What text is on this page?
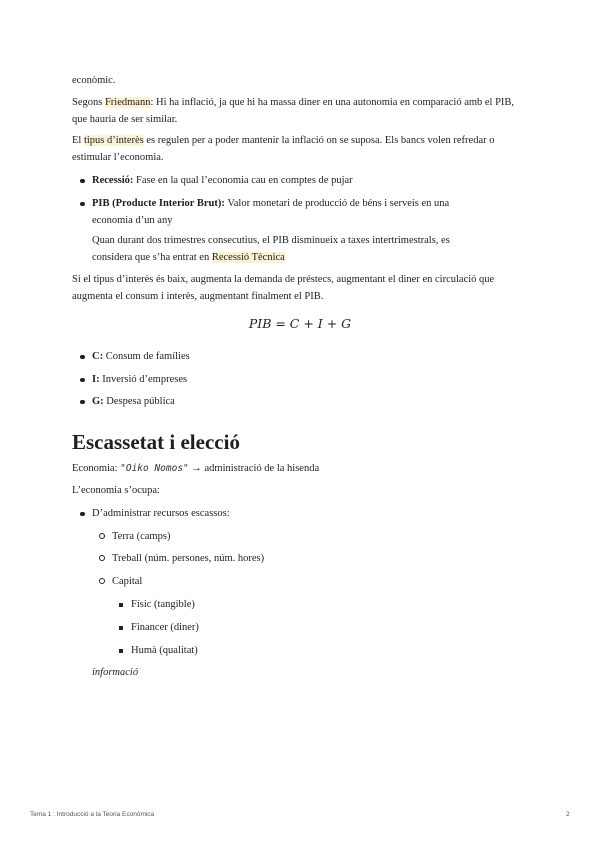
econòmic.

Segons Friedmann: Hi ha inflació, ja que hi ha massa diner en una autonomia en comparació amb el PIB, que hauria de ser similar.

El tipus d’interès es regulen per a poder mantenir la inflació on se suposa. Els bancs volen refredar o estimular l’economia.

Recessió: Fase en la qual l’economia cau en comptes de pujar
PIB (Producte Interior Brut): Valor monetari de producció de béns i serveis en una economia d’un any
Quan durant dos trimestres consecutius, el PIB disminueix a taxes intertrimestrals, es considera que s’ha entrat en Recessió Tècnica

Si el tipus d’interès és baix, augmenta la demanda de préstecs, augmentant el diner en circulació que augmenta el consum i interès, augmentant finalment el PIB.

PIB = C + I + G
C: Consum de famílies
I: Inversió d’empreses
G: Despesa pública
Escassetat i elecció

Economia: "Oiko Nomos" → administració de la hisenda

L’economia s’ocupa:

D’administrar recursos escassos:
Terra (camps)
Treball (núm. persones, núm. hores)
Capital
Físic (tangible)
Financer (diner)
Humà (qualitat)
informació
Tema 1 : Introducció a la Teoria Econòmica	2
